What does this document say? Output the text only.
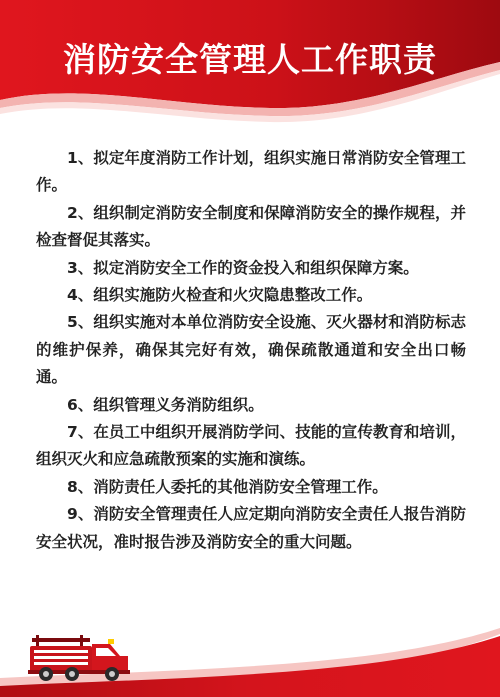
消防安全管理人工作职责
1、拟定年度消防工作计划，组织实施日常消防安全管理工作。
2、组织制定消防安全制度和保障消防安全的操作规程，并检查督促其落实。
3、拟定消防安全工作的资金投入和组织保障方案。
4、组织实施防火检查和火灾隐患整改工作。
5、组织实施对本单位消防安全设施、灭火器材和消防标志的维护保养，确保其完好有效，确保疏散通道和安全出口畅通。
6、组织管理义务消防组织。
7、在员工中组织开展消防学问、技能的宣传教育和培训，组织灭火和应急疏散预案的实施和演练。
8、消防责任人委托的其他消防安全管理工作。
9、消防安全管理责任人应定期向消防安全责任人报告消防安全状况，准时报告涉及消防安全的重大问题。
